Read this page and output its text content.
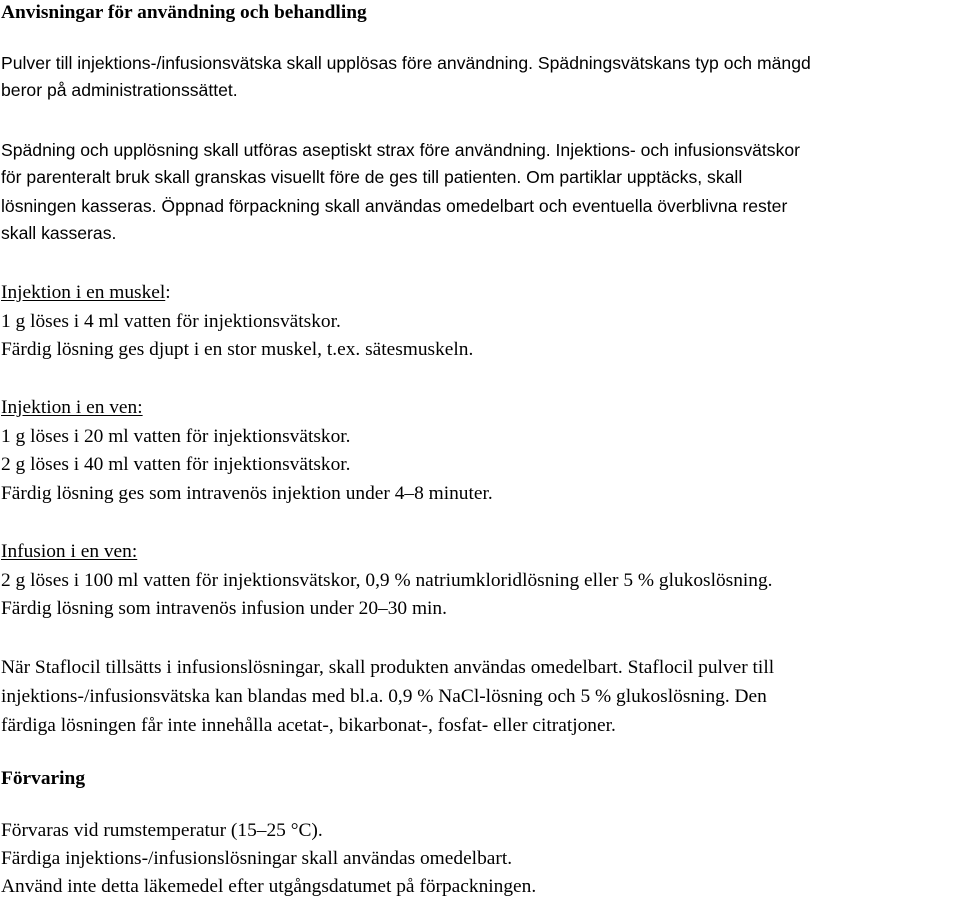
Anvisningar för användning och behandling
Pulver till injektions-/infusionsvätska skall upplösas före användning. Spädningsvätskans typ och mängd
beror på administrationssättet.
Spädning och upplösning skall utföras aseptiskt strax före användning. Injektions- och infusionsvätskor
för parenteralt bruk skall granskas visuellt före de ges till patienten. Om partiklar upptäcks, skall
lösningen kasseras. Öppnad förpackning skall användas omedelbart och eventuella överblivna rester
skall kasseras.
Injektion i en muskel:
1 g löses i 4 ml vatten för injektionsvätskor.
Färdig lösning ges djupt i en stor muskel, t.ex. sätesmuskeln.
Injektion i en ven:
1 g löses i 20 ml vatten för injektionsvätskor.
2 g löses i 40 ml vatten för injektionsvätskor.
Färdig lösning ges som intravenös injektion under 4–8 minuter.
Infusion i en ven:
2 g löses i 100 ml vatten för injektionsvätskor, 0,9 % natriumkloridlösning eller 5 % glukoslösning.
Färdig lösning som intravenös infusion under 20–30 min.
När Staflocil tillsätts i infusionslösningar, skall produkten användas omedelbart. Staflocil pulver till
injektions-/infusionsvätska kan blandas med bl.a. 0,9 % NaCl-lösning och 5 % glukoslösning. Den
färdiga lösningen får inte innehålla acetat-, bikarbonat-, fosfat- eller citratjoner.
Förvaring
Förvaras vid rumstemperatur (15–25 °C).
Färdiga injektions-/infusionslösningar skall användas omedelbart.
Använd inte detta läkemedel efter utgångsdatumet på förpackningen.
